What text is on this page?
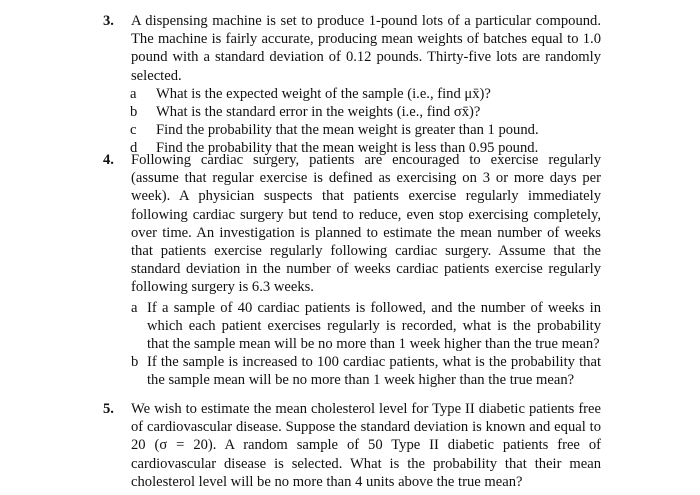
3. A dispensing machine is set to produce 1-pound lots of a particular compound. The machine is fairly accurate, producing mean weights of batches equal to 1.0 pound with a standard deviation of 0.12 pounds. Thirty-five lots are randomly selected.
a What is the expected weight of the sample (i.e., find μx̄)?
b What is the standard error in the weights (i.e., find σx̄)?
c Find the probability that the mean weight is greater than 1 pound.
d Find the probability that the mean weight is less than 0.95 pound.
4. Following cardiac surgery, patients are encouraged to exercise regularly (assume that regular exercise is defined as exercising on 3 or more days per week). A physician suspects that patients exercise regularly immediately following cardiac surgery but tend to reduce, even stop exercising completely, over time. An investigation is planned to estimate the mean number of weeks that patients exercise regularly following cardiac surgery. Assume that the standard deviation in the number of weeks cardiac patients exercise regularly following surgery is 6.3 weeks.
a If a sample of 40 cardiac patients is followed, and the number of weeks in which each patient exercises regularly is recorded, what is the probability that the sample mean will be no more than 1 week higher than the true mean?
b If the sample is increased to 100 cardiac patients, what is the probability that the sample mean will be no more than 1 week higher than the true mean?
5. We wish to estimate the mean cholesterol level for Type II diabetic patients free of cardiovascular disease. Suppose the standard deviation is known and equal to 20 (σ = 20). A random sample of 50 Type II diabetic patients free of cardiovascular disease is selected. What is the probability that their mean cholesterol level will be no more than 4 units above the true mean?
